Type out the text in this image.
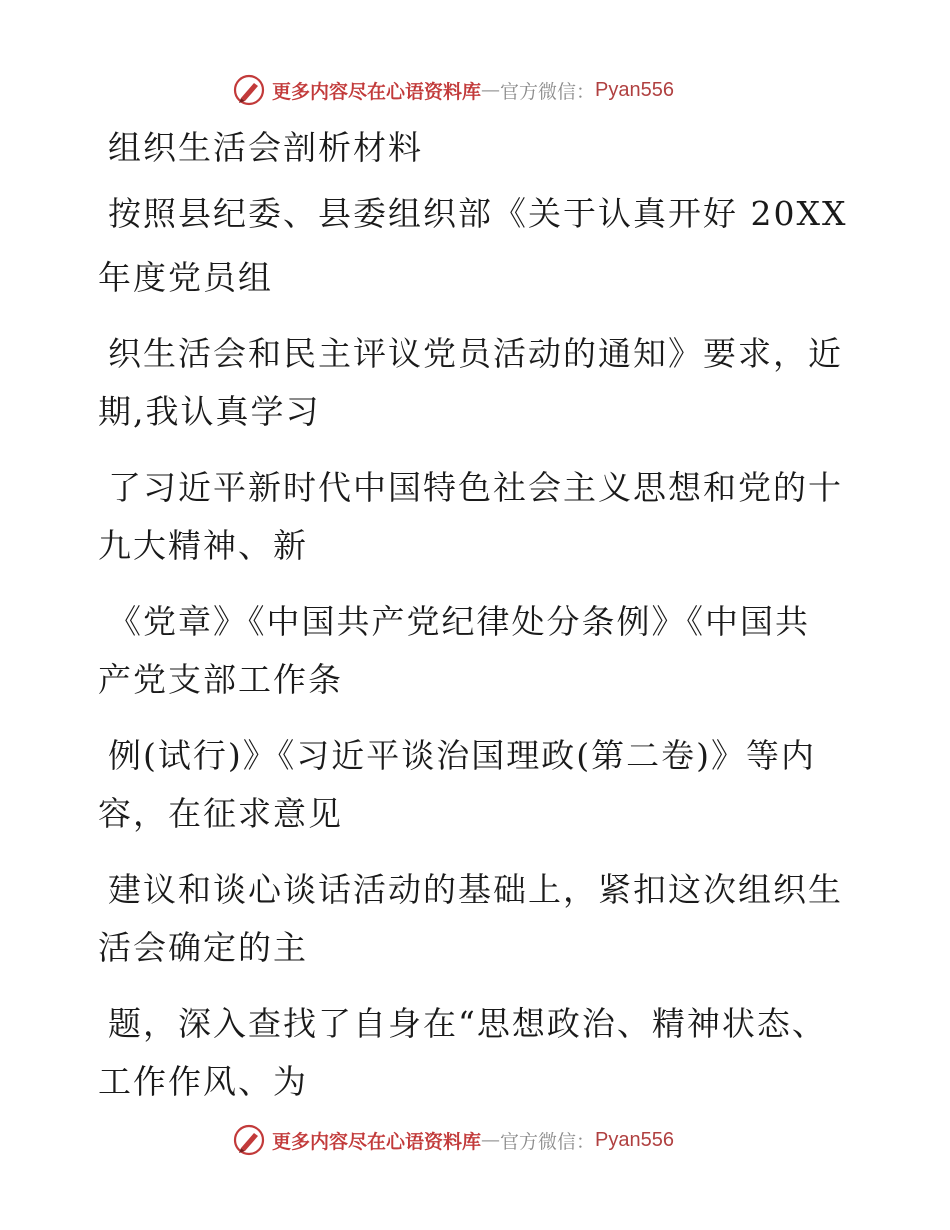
更多内容尽在心语资料库 — 官方微信： Pyan556
组织生活会剖析材料
按照县纪委、县委组织部《关于认真开好 20XX
年度党员组
织生活会和民主评议党员活动的通知》要求，近
期,我认真学习
了习近平新时代中国特色社会主义思想和党的十
九大精神、新
《党章》《中国共产党纪律处分条例》《中国共
产党支部工作条
例(试行)》《习近平谈治国理政(第二卷)》等内
容，在征求意见
建议和谈心谈话活动的基础上，紧扣这次组织生
活会确定的主
题，深入查找了自身在“思想政治、精神状态、
工作作风、为
更多内容尽在心语资料库 — 官方微信： Pyan556
